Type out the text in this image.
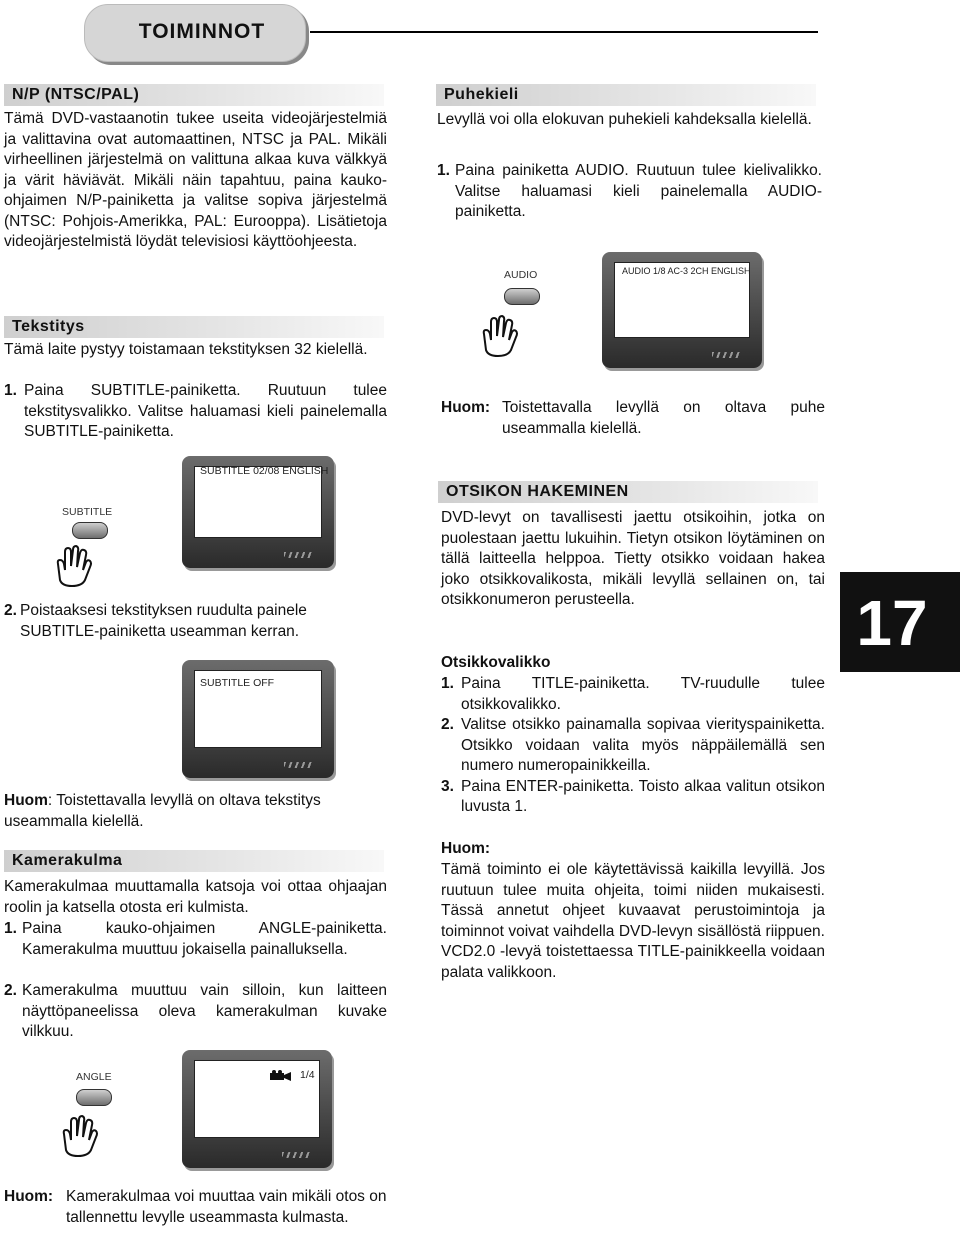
TOIMINNOT
N/P (NTSC/PAL)

Tämä DVD-vastaanotin tukee useita videojärjestelmiä ja valittavina ovat automaattinen, NTSC ja PAL. Mikäli virheellinen järjestelmä on valittuna alkaa kuva välkkyä ja värit häviävät. Mikäli näin tapahtuu, paina kauko-ohjaimen N/P-painiketta ja valitse sopiva järjestelmä (NTSC: Pohjois-Amerikka, PAL: Eurooppa). Lisätietoja videojärjestelmistä löydät televisiosi käyttöohjeesta.

Tekstitys

Tämä laite pystyy toistamaan tekstityksen 32 kielellä.

1. Paina SUBTITLE-painiketta. Ruutuun tulee tekstitysvalikko. Valitse haluamasi kieli painelemalla SUBTITLE-painiketta.
SUBTITLE
SUBTITLE 02/08 ENGLISH
2. Poistaaksesi tekstityksen ruudulta painele SUBTITLE-painiketta useamman kerran.
SUBTITLE OFF
Huom: Toistettavalla levyllä on oltava tekstitys useammalla kielellä.
Kamerakulma

Kamerakulmaa muuttamalla katsoja voi ottaa ohjaajan roolin ja katsella otosta eri kulmista.

1. Paina kauko-ohjaimen ANGLE-painiketta. Kamerakulma muuttuu jokaisella painalluksella.
2. Kamerakulma muuttuu vain silloin, kun laitteen näyttöpaneelissa oleva kamerakulman kuvake vilkkuu.
ANGLE	1/4
Huom: Kamerakulmaa voi muuttaa vain mikäli otos on tallennettu levylle useammasta kulmasta.
Puhekieli

Levyllä voi olla elokuvan puhekieli kahdeksalla kielellä.

1. Paina painiketta AUDIO. Ruutuun tulee kielivalikko. Valitse haluamasi kieli painelemalla AUDIO-painiketta.
AUDIO	AUDIO 1/8 AC-3 2CH ENGLISH
Huom: Toistettavalla levyllä on oltava puhe useammalla kielellä.
OTSIKON HAKEMINEN

DVD-levyt on tavallisesti jaettu otsikoihin, jotka on puolestaan jaettu lukuihin. Tietyn otsikon löytäminen on tällä laitteella helppoa. Tietty otsikko voidaan hakea joko otsikkovalikosta, mikäli levyllä sellainen on, tai otsikkonumeron perusteella.

Otsikkovalikko
1. Paina TITLE-painiketta. TV-ruudulle tulee otsikkovalikko.
2. Valitse otsikko painamalla sopivaa vierityspainiketta. Otsikko voidaan valita myös näppäilemällä sen numero numeropainikkeilla.
3. Paina ENTER-painiketta. Toisto alkaa valitun otsikon luvusta 1.
Huom:

Tämä toiminto ei ole käytettävissä kaikilla levyillä. Jos ruutuun tulee muita ohjeita, toimi niiden mukaisesti. Tässä annetut ohjeet kuvaavat perustoimintoja ja toiminnot voivat vaihdella DVD-levyn sisällöstä riippuen. VCD2.0 -levyä toistettaessa TITLE-painikkeella voidaan palata valikkoon.

17
